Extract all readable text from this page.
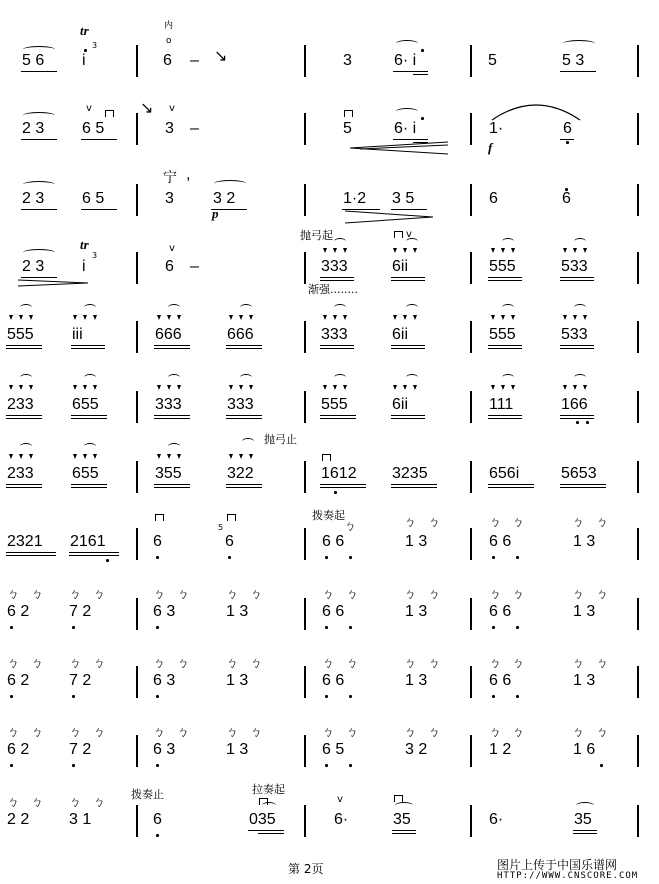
5 6
tr
3
i
内
o
6 – ↘	3	6· i	5	5 3
2 3
v
6 5
↘ v
3 –	5	6· i	1·
f
6
2 3 6 5
宁 ,
3 3 2
p
1·2 3 5	6	6
2 3
tr
3
i
v
6 –
抛弓起
333
v
6ii
渐强........
555	533
555 iii	666	666	333	6ii	555	533
233 655	333	333	555	6ii	111	166
233 655	355
抛弓止
322	1612 3235	656i	5653
2321 2161	6
5
6
拨奏起
ㄅ
6 6
ㄅ ㄅ
1 3
ㄅ ㄅ
6 6
ㄅ ㄅ
1 3
ㄅ ㄅ
6 2
ㄅ ㄅ
7 2
ㄅ ㄅ
6 3
ㄅ ㄅ
1 3
ㄅ ㄅ
6 6
ㄅ ㄅ
1 3
ㄅ ㄅ
6 6
ㄅ ㄅ
1 3
ㄅ ㄅ
6 2
ㄅ ㄅ
7 2
ㄅ ㄅ
6 3
ㄅ ㄅ
1 3
ㄅ ㄅ
6 6
ㄅ ㄅ
1 3
ㄅ ㄅ
6 6
ㄅ ㄅ
1 3
ㄅ ㄅ
6 2
ㄅ ㄅ
7 2
ㄅ ㄅ
6 3
ㄅ ㄅ
1 3
ㄅ ㄅ
6 5
ㄅ ㄅ
3 2
ㄅ ㄅ
1 2
ㄅ ㄅ
1 6
ㄅ ㄅ
2 2
ㄅ ㄅ
3 1
拨奏止
6
拉奏起
035
v
6·	35	6·	35
第 2页	图片上传于中国乐谱网
HTTP://WWW.CNSCORE.COM
